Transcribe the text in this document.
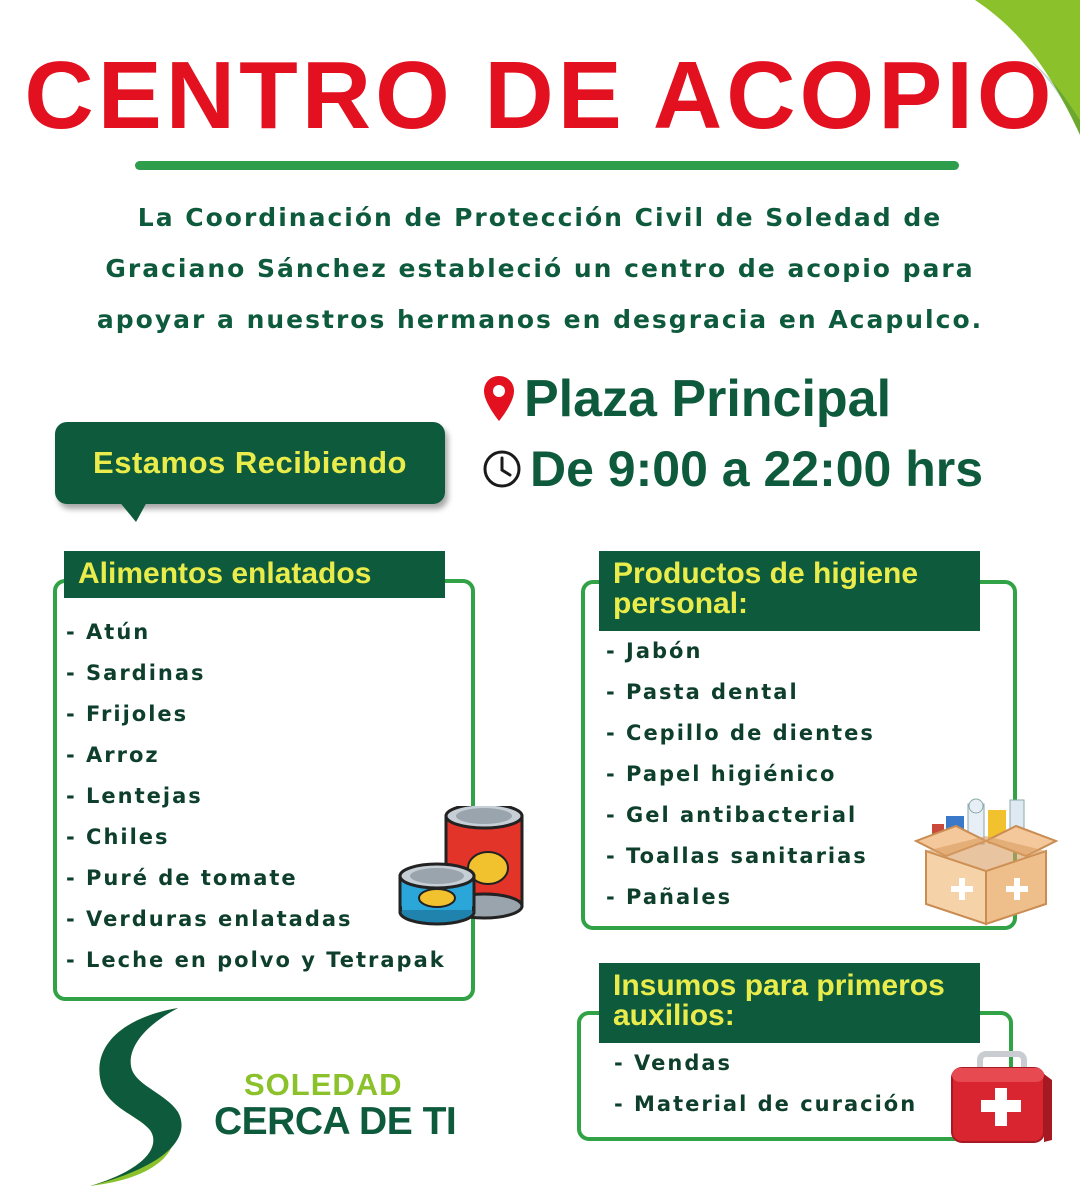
CENTRO DE ACOPIO
La Coordinación de Protección Civil de Soledad de
Graciano Sánchez estableció un centro de acopio para
apoyar a nuestros hermanos en desgracia en Acapulco.
Plaza Principal
De 9:00 a 22:00 hrs
Estamos Recibiendo
Alimentos enlatados
- Atún
- Sardinas
- Frijoles
- Arroz
- Lentejas
- Chiles
- Puré de tomate
- Verduras enlatadas
- Leche en polvo y Tetrapak
Productos de higiene
personal:
- Jabón
- Pasta dental
- Cepillo de dientes
- Papel higiénico
- Gel antibacterial
- Toallas sanitarias
- Pañales
Insumos para primeros
auxilios:
- Vendas
- Material de curación
SOLEDAD
CERCA DE TI
